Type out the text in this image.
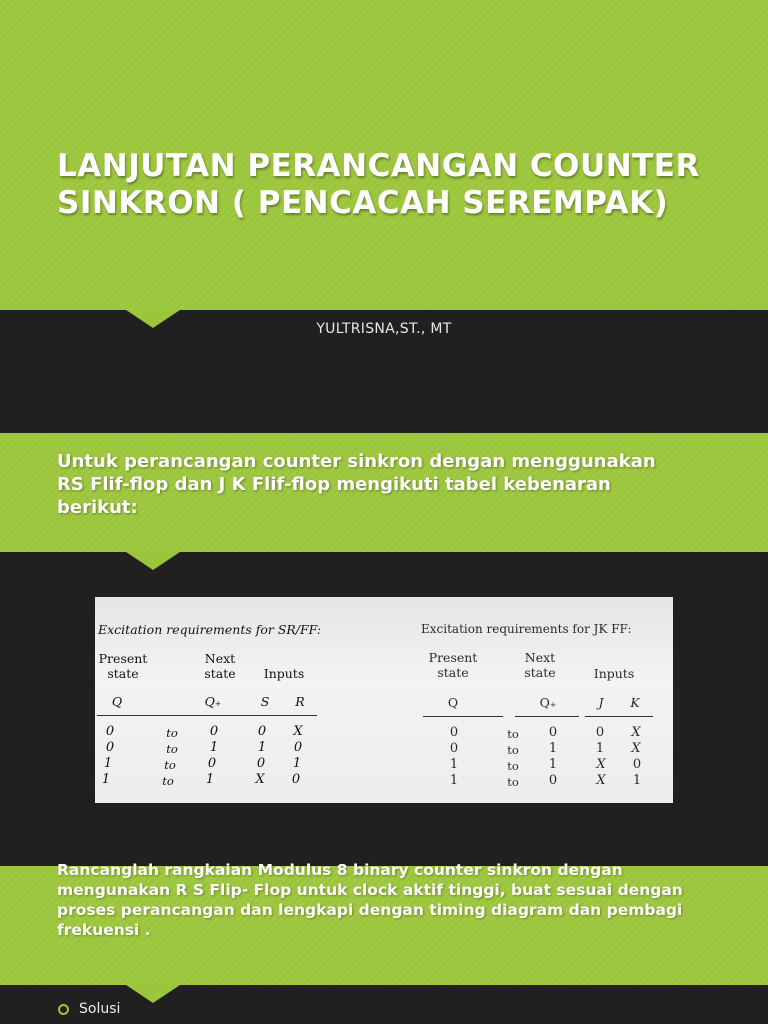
LANJUTAN PERANCANGAN COUNTER
SINKRON ( PENCACAH SEREMPAK)
YULTRISNA,ST., MT

Untuk perancangan counter sinkron dengan menggunakan
RS Flif-flop dan J K Flif-flop mengikuti tabel kebenaran
berikut:

Excitation requirements for SR/FF:
Present
state
Next
state	Inputs
Q	Q₊	S	R
0	to	0	0	X
0	to	1	1	0
1	to	0	0	1
1	to	1	X	0
Excitation requirements for JK FF:
Present
state
Next
state	Inputs
Q	Q₊	J	K
0	to	0	0	X
0	to	1	1	X
1	to	1	X	0
1	to	0	X	1

Rancanglah rangkaian Modulus 8 binary counter sinkron dengan

mengunakan R S Flip- Flop untuk clock aktif tinggi, buat sesuai dengan

proses perancangan dan lengkapi dengan timing diagram dan pembagi

frekuensi .

Solusi
